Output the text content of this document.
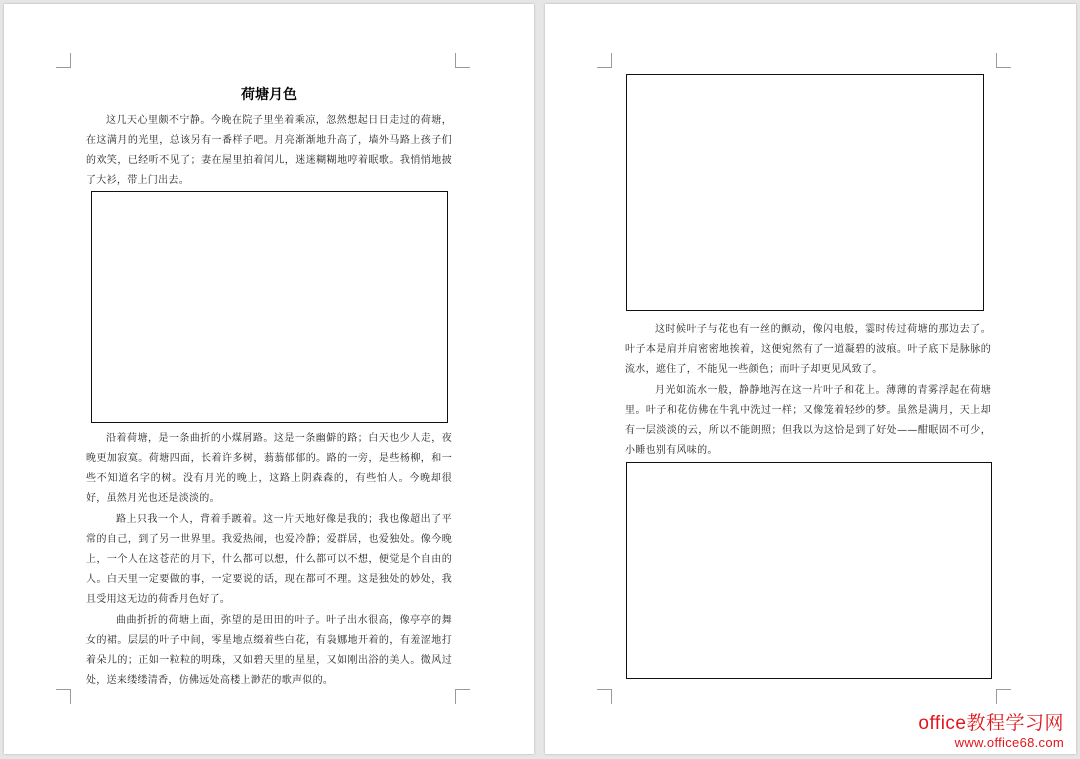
荷塘月色

这几天心里颇不宁静。今晚在院子里坐着乘凉，忽然想起日日走过的荷塘，在这满月的光里，总该另有一番样子吧。月亮渐渐地升高了，墙外马路上孩子们的欢笑，已经听不见了；妻在屋里拍着闰儿，迷迷糊糊地哼着眠歌。我悄悄地披了大衫，带上门出去。

沿着荷塘，是一条曲折的小煤屑路。这是一条幽僻的路；白天也少人走，夜晚更加寂寞。荷塘四面，长着许多树，蓊蓊郁郁的。路的一旁，是些杨柳，和一些不知道名字的树。没有月光的晚上，这路上阴森森的，有些怕人。今晚却很好，虽然月光也还是淡淡的。

路上只我一个人，背着手踱着。这一片天地好像是我的；我也像超出了平常的自己，到了另一世界里。我爱热闹，也爱冷静；爱群居，也爱独处。像今晚上，一个人在这苍茫的月下，什么都可以想，什么都可以不想，便觉是个自由的人。白天里一定要做的事，一定要说的话，现在都可不理。这是独处的妙处，我且受用这无边的荷香月色好了。

曲曲折折的荷塘上面，弥望的是田田的叶子。叶子出水很高，像亭亭的舞女的裙。层层的叶子中间，零星地点缀着些白花，有袅娜地开着的，有羞涩地打着朵儿的；正如一粒粒的明珠，又如碧天里的星星，又如刚出浴的美人。微风过处，送来缕缕清香，仿佛远处高楼上渺茫的歌声似的。

这时候叶子与花也有一丝的颤动，像闪电般，霎时传过荷塘的那边去了。叶子本是肩并肩密密地挨着，这便宛然有了一道凝碧的波痕。叶子底下是脉脉的流水，遮住了，不能见一些颜色；而叶子却更见风致了。

月光如流水一般，静静地泻在这一片叶子和花上。薄薄的青雾浮起在荷塘里。叶子和花仿佛在牛乳中洗过一样；又像笼着轻纱的梦。虽然是满月，天上却有一层淡淡的云，所以不能朗照；但我以为这恰是到了好处——酣眠固不可少，小睡也别有风味的。

office教程学习网
www.office68.com
